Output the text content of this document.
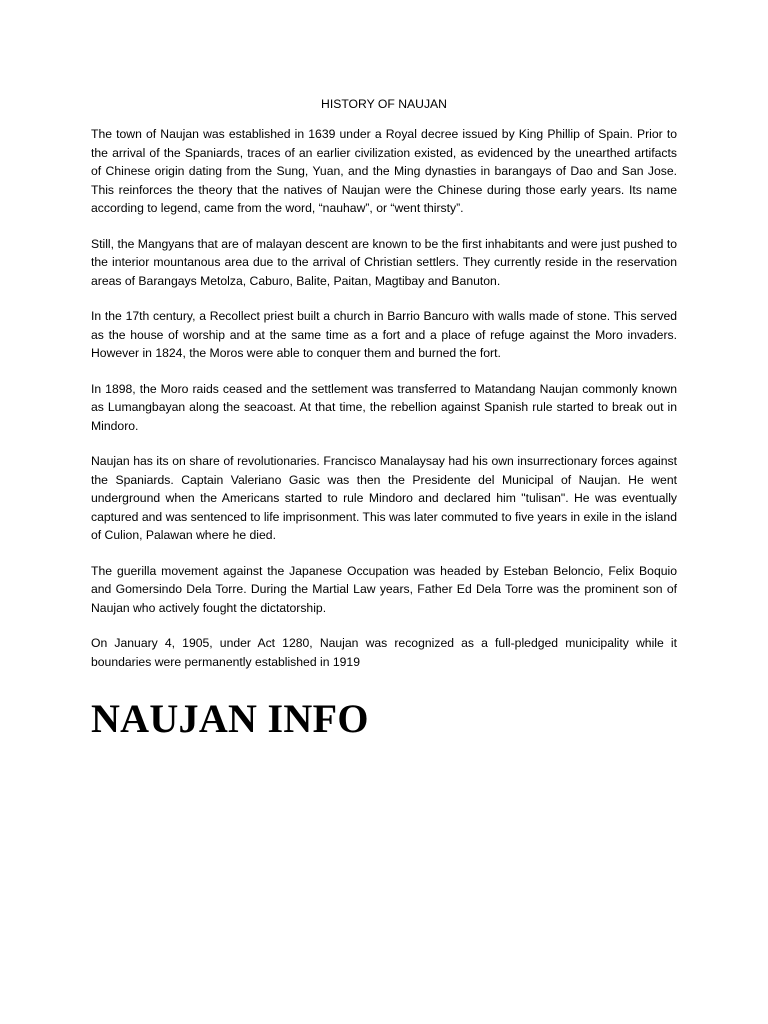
HISTORY OF NAUJAN

The town of Naujan was established in 1639 under a Royal decree issued by King Phillip of Spain. Prior to the arrival of the Spaniards, traces of an earlier civilization existed, as evidenced by the unearthed artifacts of Chinese origin dating from the Sung, Yuan, and the Ming dynasties in barangays of Dao and San Jose. This reinforces the theory that the natives of Naujan were the Chinese during those early years. Its name according to legend, came from the word, “nauhaw”, or “went thirsty”.

Still, the Mangyans that are of malayan descent are known to be the first inhabitants and were just pushed to the interior mountanous area due to the arrival of Christian settlers. They currently reside in the reservation areas of Barangays Metolza, Caburo, Balite, Paitan, Magtibay and Banuton.

In the 17th century, a Recollect priest built a church in Barrio Bancuro with walls made of stone. This served as the house of worship and at the same time as a fort and a place of refuge against the Moro invaders. However in 1824, the Moros were able to conquer them and burned the fort.

In 1898, the Moro raids ceased and the settlement was transferred to Matandang Naujan commonly known as Lumangbayan along the seacoast. At that time, the rebellion against Spanish rule started to break out in Mindoro.

Naujan has its on share of revolutionaries. Francisco Manalaysay had his own insurrectionary forces against the Spaniards. Captain Valeriano Gasic was then the Presidente del Municipal of Naujan. He went underground when the Americans started to rule Mindoro and declared him "tulisan". He was eventually captured and was sentenced to life imprisonment. This was later commuted to five years in exile in the island of Culion, Palawan where he died.

The guerilla movement against the Japanese Occupation was headed by Esteban Beloncio, Felix Boquio and Gomersindo Dela Torre. During the Martial Law years, Father Ed Dela Torre was the prominent son of Naujan who actively fought the dictatorship.

On January 4, 1905, under Act 1280, Naujan was recognized as a full-pledged municipality while it boundaries were permanently established in 1919

NAUJAN INFO
